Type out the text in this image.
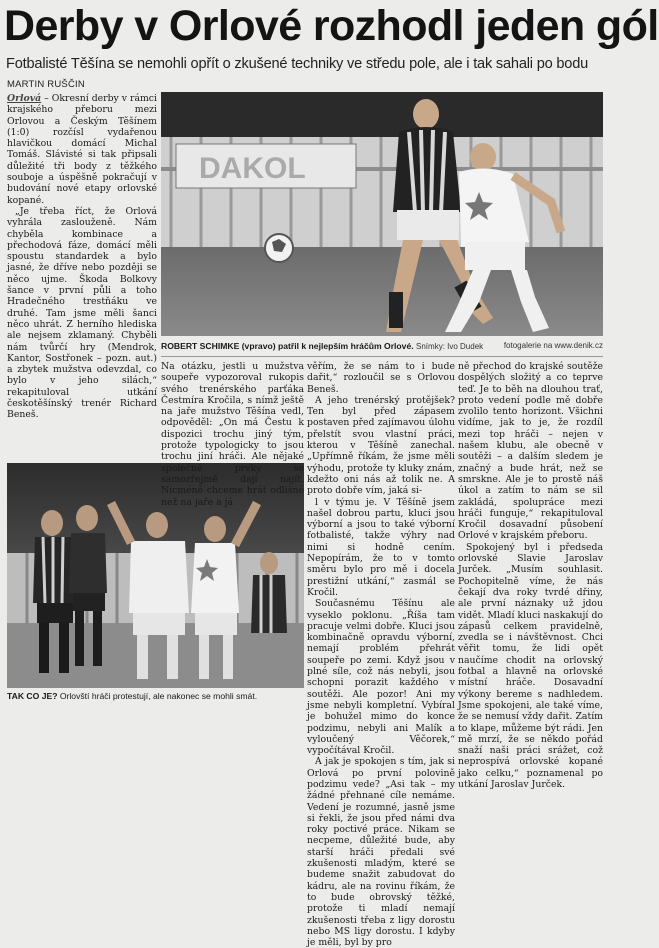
Derby v Orlové rozhodl jeden gól
Fotbalisté Těšína se nemohli opřít o zkušené techniky ve středu pole, ale i tak sahali po bodu
MARTIN RUŠČIN

Orlová – Okresní derby v rámci krajského přeboru mezi Orlovou a Českým Těšínem (1:0) rozčísl vydařenou hlavičkou domácí Michal Tomáš. Slávisté si tak připsali důležité tři body z těžkého souboje a úspěšně pokračují v budování nové etapy orlovské kopané.

„Je třeba říct, že Orlová vyhrála zaslouženě. Nám chyběla kombinace a přechodová fáze, domácí měli spoustu standardek a bylo jasné, že dříve nebo později se něco ujme. Škoda Bolkovy šance v první půli a toho Hradečného trestňáku ve druhé. Tam jsme měli šanci něco uhrát. Z herního hlediska ale nejsem zklamaný. Chyběli nám tvůrčí hry (Mendrok, Kantor, Sostřonek – pozn. aut.) a zbytek mužstva odevzdal, co bylo v jeho silách,“ rekapituloval utkání českotěšínský trenér Richard Beneš.

DAKOL
ROBERT SCHIMKE (vpravo) patřil k nejlepším hráčům Orlové. Snímky: Ivo Dudek	fotogalerie na www.denik.cz
TAK CO JE? Orlovští hráči protestují, ale nakonec se mohli smát.

Na otázku, jestli u mužstva soupeře vypozoroval rukopis svého trenérského parťáka Čestmíra Kročila, s nímž ještě na jaře mužstvo Těšína vedl, odpověděl: „On má Čestu k dispozici trochu jiný tým, protože typologicky to jsou trochu jiní hráči. Ale nějaké společné prvky se samozřejmě dají najít. Nicméně chceme hrát odlišně než na jaře a já

věřím, že se nám to i bude dařit,“ rozloučil se s Orlovou Beneš.

A jeho trenérský protějšek? Ten byl před zápasem postaven před zajímavou úlohu přelstít svou vlastní práci, kterou v Těšíně zanechal. „Upřímně říkám, že jsme měli výhodu, protože ty kluky znám, kdežto oni nás až tolik ne. A proto dobře vím, jaká si-

l v týmu je. V Těšíně jsem našel dobrou partu, kluci jsou výborní a jsou to také výborní fotbalisté, takže výhry nad nimi si hodně cením. Nepopírám, že to v tomto směru bylo pro mě i docela prestižní utkání,“ zasmál se Kročil.

Současnému Těšínu ale vyseklo poklonu. „Říša tam pracuje velmi dobře. Kluci jsou kombinačně opravdu výborní, nemají problém přehrát soupeře po zemi. Když jsou v plné síle, což nás nebyli, jsou schopni porazit každého v soutěži. Ale pozor! Ani my jsme nebyli kompletní. Vybíral je bohužel mimo do konce podzimu, nebyli ani Malík a vyloučený Věčorek,“ vypočítával Kročil.

A jak je spokojen s tím, jak si Orlová po první polovině podzimu vede? „Asi tak – my žádné přehnané cíle nemáme. Vedení je rozumné, jasně jsme si řekli, že jsou před námi dva roky poctivé práce. Nikam se necpeme, důležité bude, aby starší hráči předali své zkušenosti mladým, které se budeme snažit zabudovat do kádru, ale na rovinu říkám, že to bude obrovský těžké, protože ti mladí nemají zkušenosti třeba z ligy dorostu nebo MS ligy dorostu. I kdyby je měli, byl by pro

ně přechod do krajské soutěže dospělých složitý a co teprve teď. Je to běh na dlouhou trať, proto vedení podle mě dobře zvolilo tento horizont. Všichni vidíme, jak to je, že rozdíl mezi top hráči – nejen v našem klubu, ale obecně v soutěži – a dalším sledem je značný a bude hrát, než se smrskne. Ale je to prostě náš úkol a zatím to nám se sil zakládá, spolupráce mezi hráči funguje,“ rekapituloval Kročil dosavadní působení Orlové v krajském přeboru.

Spokojený byl i předseda orlovské Slavie Jaroslav Jurček. „Musím souhlasit. Pochopitelně víme, že nás čekají dva roky tvrdé dřiny, ale první náznaky už jdou vidět. Mladí kluci naskakují do zápasů celkem pravidelně, zvedla se i návštěvnost. Chci věřit tomu, že lidi opět naučíme chodit na orlovský fotbal a hlavně na orlovské místní hráče. Dosavadní výkony bereme s nadhledem. Jsme spokojeni, ale také víme, že se nemusí vždy dařit. Zatím to klape, můžeme být rádi. Jen mě mrzí, že se někdo pořád snaží naši práci srážet, což neprospívá orlovské kopané jako celku,“ poznamenal po utkání Jaroslav Jurček.
